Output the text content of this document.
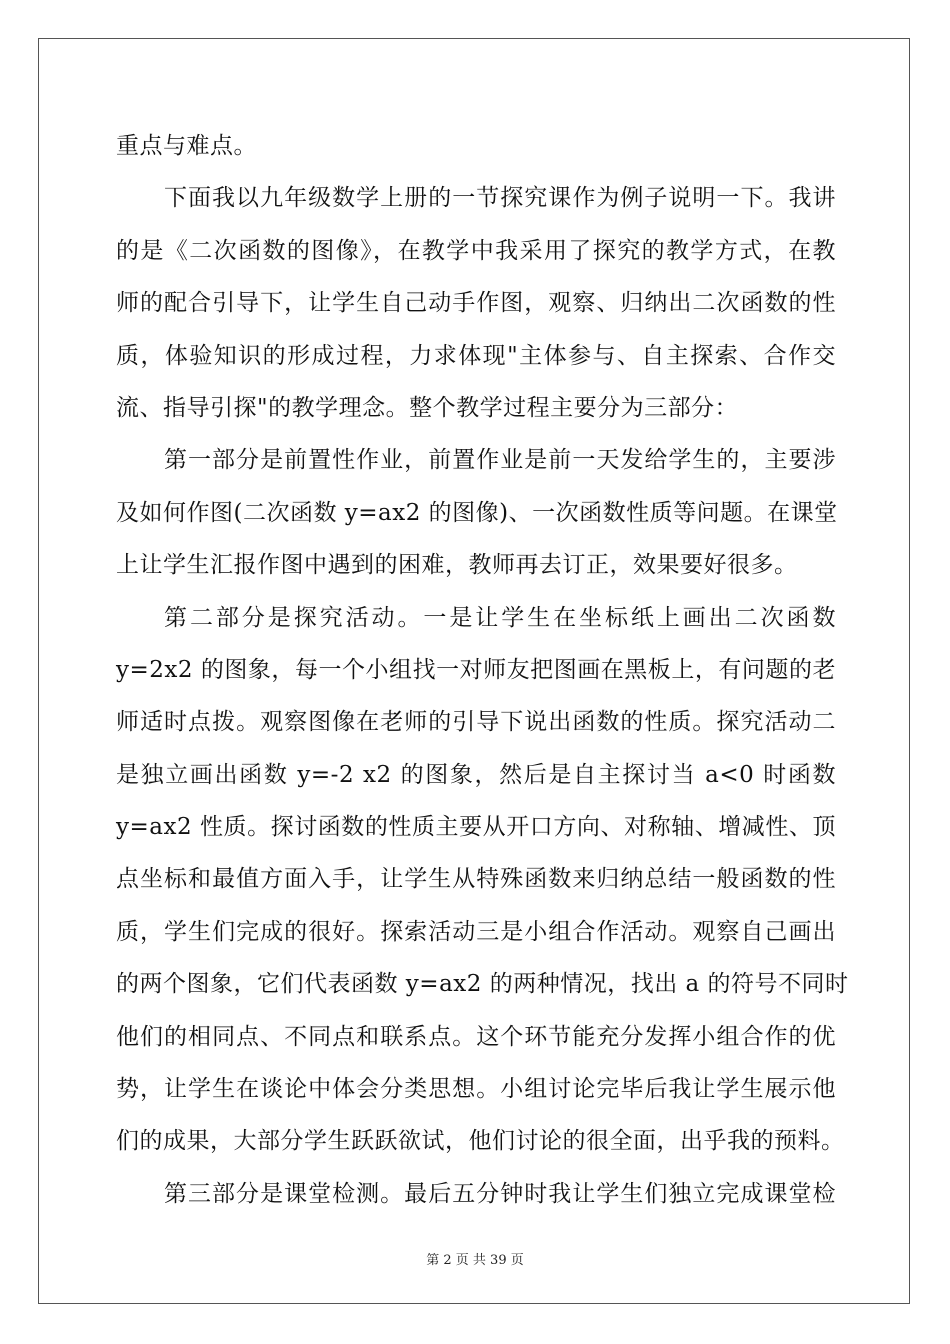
重点与难点。
下面我以九年级数学上册的一节探究课作为例子说明一下。我讲
的是《二次函数的图像》，在教学中我采用了探究的教学方式，在教
师的配合引导下，让学生自己动手作图，观察、归纳出二次函数的性
质，体验知识的形成过程，力求体现"主体参与、自主探索、合作交
流、指导引探"的教学理念。整个教学过程主要分为三部分：
第一部分是前置性作业，前置作业是前一天发给学生的，主要涉
及如何作图(二次函数 y=ax2 的图像)、一次函数性质等问题。在课堂
上让学生汇报作图中遇到的困难，教师再去订正，效果要好很多。
第二部分是探究活动。一是让学生在坐标纸上画出二次函数
y=2x2 的图象，每一个小组找一对师友把图画在黑板上，有问题的老
师适时点拨。观察图像在老师的引导下说出函数的性质。探究活动二
是独立画出函数 y=-2 x2 的图象，然后是自主探讨当 a<0 时函数
y=ax2 性质。探讨函数的性质主要从开口方向、对称轴、增减性、顶
点坐标和最值方面入手，让学生从特殊函数来归纳总结一般函数的性
质，学生们完成的很好。探索活动三是小组合作活动。观察自己画出
的两个图象，它们代表函数 y=ax2 的两种情况，找出 a 的符号不同时
他们的相同点、不同点和联系点。这个环节能充分发挥小组合作的优
势，让学生在谈论中体会分类思想。小组讨论完毕后我让学生展示他
们的成果，大部分学生跃跃欲试，他们讨论的很全面，出乎我的预料。
第三部分是课堂检测。最后五分钟时我让学生们独立完成课堂检
第 2 页 共 39 页
